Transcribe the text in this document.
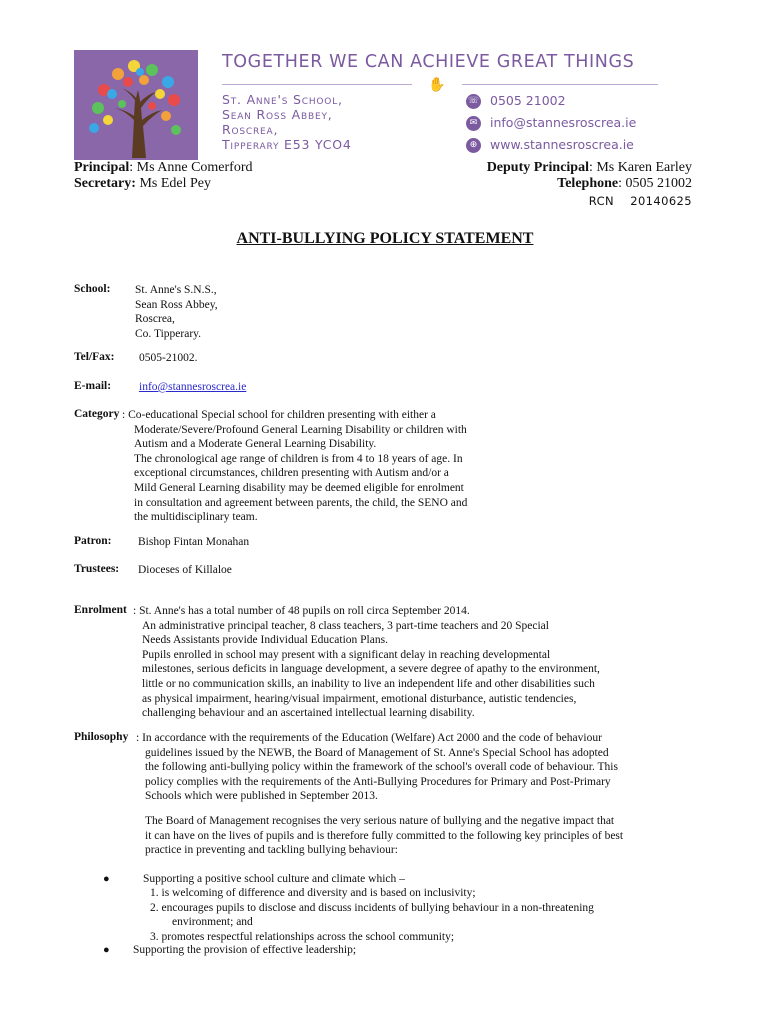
TOGETHER WE CAN ACHIEVE GREAT THINGS
✋
St. Anne's School,
Sean Ross Abbey,
Roscrea,
Tipperary E53 YCO4
☏ 0505 21002
✉ info@stannesroscrea.ie
⊕ www.stannesroscrea.ie
Principal: Ms Anne Comerford
Secretary: Ms Edel Pey
Deputy Principal: Ms Karen Earley
Telephone: 0505 21002
RCN    20140625
ANTI-BULLYING POLICY STATEMENT
School: St. Anne's S.N.S.,
Sean Ross Abbey,
Roscrea,
Co. Tipperary.
Tel/Fax: 0505-21002.
E-mail: info@stannesroscrea.ie
Category : Co-educational Special school for children presenting with either a
Moderate/Severe/Profound General Learning Disability or children with
Autism and a Moderate General Learning Disability.
The chronological age range of children is from 4 to 18 years of age. In
exceptional circumstances, children presenting with Autism and/or a
Mild General Learning disability may be deemed eligible for enrolment
in consultation and agreement between parents, the child, the SENO and
the multidisciplinary team.
Patron: Bishop Fintan Monahan
Trustees: Dioceses of Killaloe
Enrolment : St. Anne's has a total number of 48 pupils on roll circa September 2014.
An administrative principal teacher, 8 class teachers, 3 part-time teachers and 20 Special
Needs Assistants provide Individual Education Plans.
Pupils enrolled in school may present with a significant delay in reaching developmental
milestones, serious deficits in language development, a severe degree of apathy to the environment,
little or no communication skills, an inability to live an independent life and other disabilities such
as physical impairment, hearing/visual impairment, emotional disturbance, autistic tendencies,
challenging behaviour and an ascertained intellectual learning disability.
Philosophy : In accordance with the requirements of the Education (Welfare) Act 2000 and the code of behaviour
guidelines issued by the NEWB, the Board of Management of St. Anne's Special School has adopted
the following anti-bullying policy within the framework of the school's overall code of behaviour. This
policy complies with the requirements of the Anti-Bullying Procedures for Primary and Post-Primary
Schools which were published in September 2013.
The Board of Management recognises the very serious nature of bullying and the negative impact that
it can have on the lives of pupils and is therefore fully committed to the following key principles of best
practice in preventing and tackling bullying behaviour:
●	Supporting a positive school culture and climate which –
1. is welcoming of difference and diversity and is based on inclusivity;
2. encourages pupils to disclose and discuss incidents of bullying behaviour in a non-threatening
environment; and
3. promotes respectful relationships across the school community;
● Supporting the provision of effective leadership;
